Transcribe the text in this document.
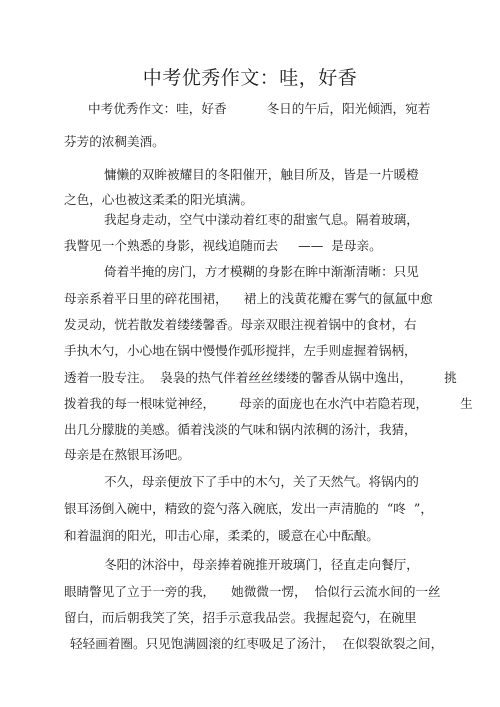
中考优秀作文：哇，好香
中考优秀作文：哇，好香          冬日的午后，阳光倾洒，宛若
芬芳的浓稠美酒。
慵懒的双眸被耀目的冬阳催开，触目所及，皆是一片暖橙
之色，心也被这柔柔的阳光填满。
我起身走动，空气中漾动着红枣的甜蜜气息。隔着玻璃，
我瞥见一个熟悉的身影，视线追随而去     ——  是母亲。
倚着半掩的房门，方才模糊的身影在眸中渐渐清晰：只见
母亲系着平日里的碎花围裙，    裙上的浅黄花瓣在雾气的氤氲中愈
发灵动，恍若散发着缕缕馨香。母亲双眼注视着锅中的食材，右
手执木勺，小心地在锅中慢慢作弧形搅拌，左手则虚握着锅柄，
透着一股专注。  袅袅的热气伴着丝丝缕缕的馨香从锅中逸出，        挑
拨着我的每一根味觉神经，      母亲的面庞也在水汽中若隐若现，        生
出几分朦胧的美感。循着浅淡的气味和锅内浓稠的汤汁，我猜，
母亲是在熬银耳汤吧。
不久，母亲便放下了手中的木勺，关了天然气。将锅内的
银耳汤倒入碗中，精致的瓷勺落入碗底，发出一声清脆的  “咚  ”，
和着温润的阳光，叩击心扉，柔柔的，暖意在心中酝酿。
冬阳的沐浴中，母亲捧着碗推开玻璃门，径直走向餐厅，
眼睛瞥见了立于一旁的我，    她微微一愣，  恰似行云流水间的一丝
留白，而后朝我笑了笑，招手示意我品尝。我握起瓷勺，在碗里
轻轻画着圈。只见饱满圆滚的红枣吸足了汤汁，  在似裂欲裂之间，
